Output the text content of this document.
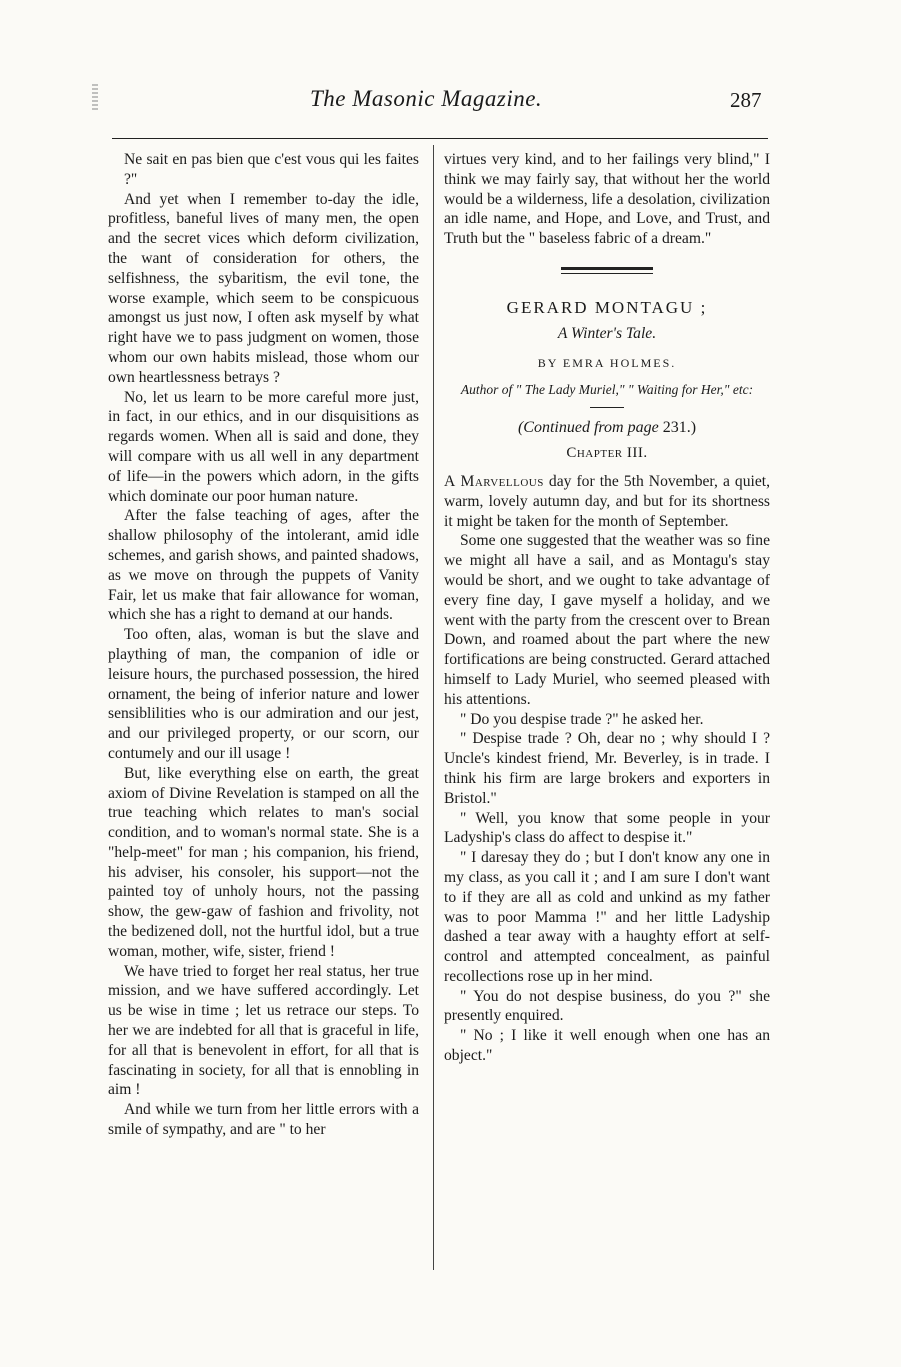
The Masonic Magazine.	287

Ne sait en pas bien que c'est vous qui les faites ?"

And yet when I remember to-day the idle, profitless, baneful lives of many men, the open and the secret vices which deform civilization, the want of consideration for others, the selfishness, the sybaritism, the evil tone, the worse example, which seem to be conspicuous amongst us just now, I often ask myself by what right have we to pass judgment on women, those whom our own habits mislead, those whom our own heartlessness betrays ?

No, let us learn to be more careful more just, in fact, in our ethics, and in our disquisitions as regards women. When all is said and done, they will compare with us all well in any department of life—in the powers which adorn, in the gifts which dominate our poor human nature.

After the false teaching of ages, after the shallow philosophy of the intolerant, amid idle schemes, and garish shows, and painted shadows, as we move on through the puppets of Vanity Fair, let us make that fair allowance for woman, which she has a right to demand at our hands.

Too often, alas, woman is but the slave and plaything of man, the companion of idle or leisure hours, the purchased possession, the hired ornament, the being of inferior nature and lower sensiblilities who is our admiration and our jest, and our privileged property, or our scorn, our contumely and our ill usage !

But, like everything else on earth, the great axiom of Divine Revelation is stamped on all the true teaching which relates to man's social condition, and to woman's normal state. She is a "help-meet" for man ; his companion, his friend, his adviser, his consoler, his support—not the painted toy of unholy hours, not the passing show, the gew-gaw of fashion and frivolity, not the bedizened doll, not the hurtful idol, but a true woman, mother, wife, sister, friend !

We have tried to forget her real status, her true mission, and we have suffered accordingly. Let us be wise in time ; let us retrace our steps. To her we are indebted for all that is graceful in life, for all that is benevolent in effort, for all that is fascinating in society, for all that is ennobling in aim !

And while we turn from her little errors with a smile of sympathy, and are " to her

virtues very kind, and to her failings very blind," I think we may fairly say, that without her the world would be a wilderness, life a desolation, civilization an idle name, and Hope, and Love, and Trust, and Truth but the " baseless fabric of a dream."

GERARD MONTAGU ;

A Winter's Tale.

BY EMRA HOLMES.

Author of " The Lady Muriel," " Waiting for Her," etc:

(Continued from page 231.)

Chapter III.

A Marvellous day for the 5th November, a quiet, warm, lovely autumn day, and but for its shortness it might be taken for the month of September.

Some one suggested that the weather was so fine we might all have a sail, and as Montagu's stay would be short, and we ought to take advantage of every fine day, I gave myself a holiday, and we went with the party from the crescent over to Brean Down, and roamed about the part where the new fortifications are being constructed. Gerard attached himself to Lady Muriel, who seemed pleased with his attentions.

" Do you despise trade ?" he asked her.

" Despise trade ? Oh, dear no ; why should I ? Uncle's kindest friend, Mr. Beverley, is in trade. I think his firm are large brokers and exporters in Bristol."

" Well, you know that some people in your Ladyship's class do affect to despise it."

" I daresay they do ; but I don't know any one in my class, as you call it ; and I am sure I don't want to if they are all as cold and unkind as my father was to poor Mamma !" and her little Ladyship dashed a tear away with a haughty effort at self-control and attempted concealment, as painful recollections rose up in her mind.

" You do not despise business, do you ?" she presently enquired.

" No ; I like it well enough when one has an object."
